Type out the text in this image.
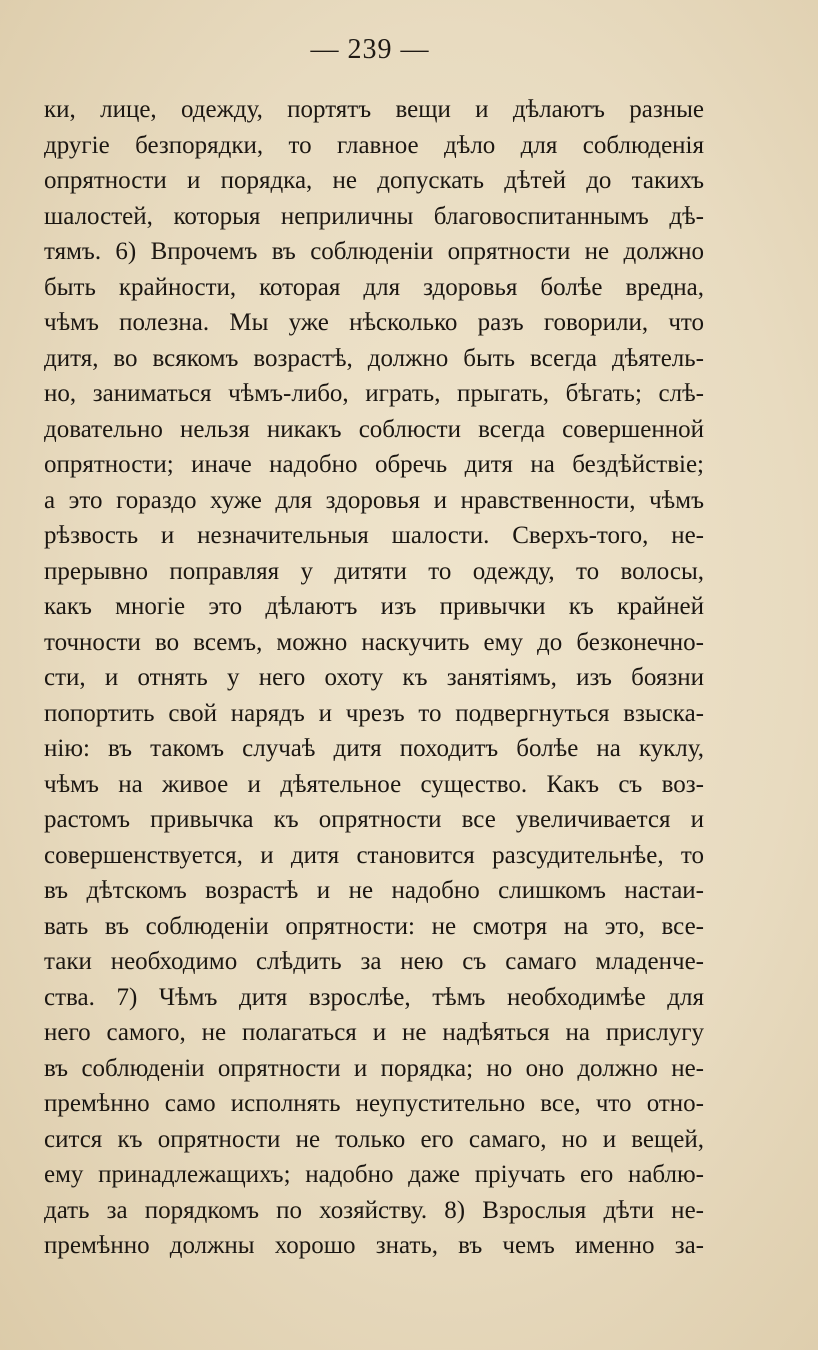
— 239 —
ки, лице, одежду, портятъ вещи и дѣлаютъ разные
другіе безпорядки, то главное дѣло для соблюденія
опрятности и порядка, не допускать дѣтей до такихъ
шалостей, которыя неприличны благовоспитаннымъ дѣ-
тямъ. 6) Впрочемъ въ соблюденіи опрятности не должно
быть крайности, которая для здоровья болѣе вредна,
чѣмъ полезна. Мы уже нѣсколько разъ говорили, что
дитя, во всякомъ возрастѣ, должно быть всегда дѣятель-
но, заниматься чѣмъ-либо, играть, прыгать, бѣгать; слѣ-
довательно нельзя никакъ соблюсти всегда совершенной
опрятности; иначе надобно обречь дитя на бездѣйствіе;
а это гораздо хуже для здоровья и нравственности, чѣмъ
рѣзвость и незначительныя шалости. Сверхъ-того, не-
прерывно поправляя у дитяти то одежду, то волосы,
какъ многіе это дѣлаютъ изъ привычки къ крайней
точности во всемъ, можно наскучить ему до безконечно-
сти, и отнять у него охоту къ занятіямъ, изъ боязни
попортить свой нарядъ и чрезъ то подвергнуться взыска-
нію: въ такомъ случаѣ дитя походитъ болѣе на куклу,
чѣмъ на живое и дѣятельное существо. Какъ съ воз-
растомъ привычка къ опрятности все увеличивается и
совершенствуется, и дитя становится разсудительнѣе, то
въ дѣтскомъ возрастѣ и не надобно слишкомъ настаи-
вать въ соблюденіи опрятности: не смотря на это, все-
таки необходимо слѣдить за нею съ самаго младенче-
ства. 7) Чѣмъ дитя взрослѣе, тѣмъ необходимѣе для
него самого, не полагаться и не надѣяться на прислугу
въ соблюденіи опрятности и порядка; но оно должно не-
премѣнно само исполнять неупустительно все, что отно-
сится къ опрятности не только его самаго, но и вещей,
ему принадлежащихъ; надобно даже пріучать его наблю-
дать за порядкомъ по хозяйству. 8) Взрослыя дѣти не-
премѣнно должны хорошо знать, въ чемъ именно за-
